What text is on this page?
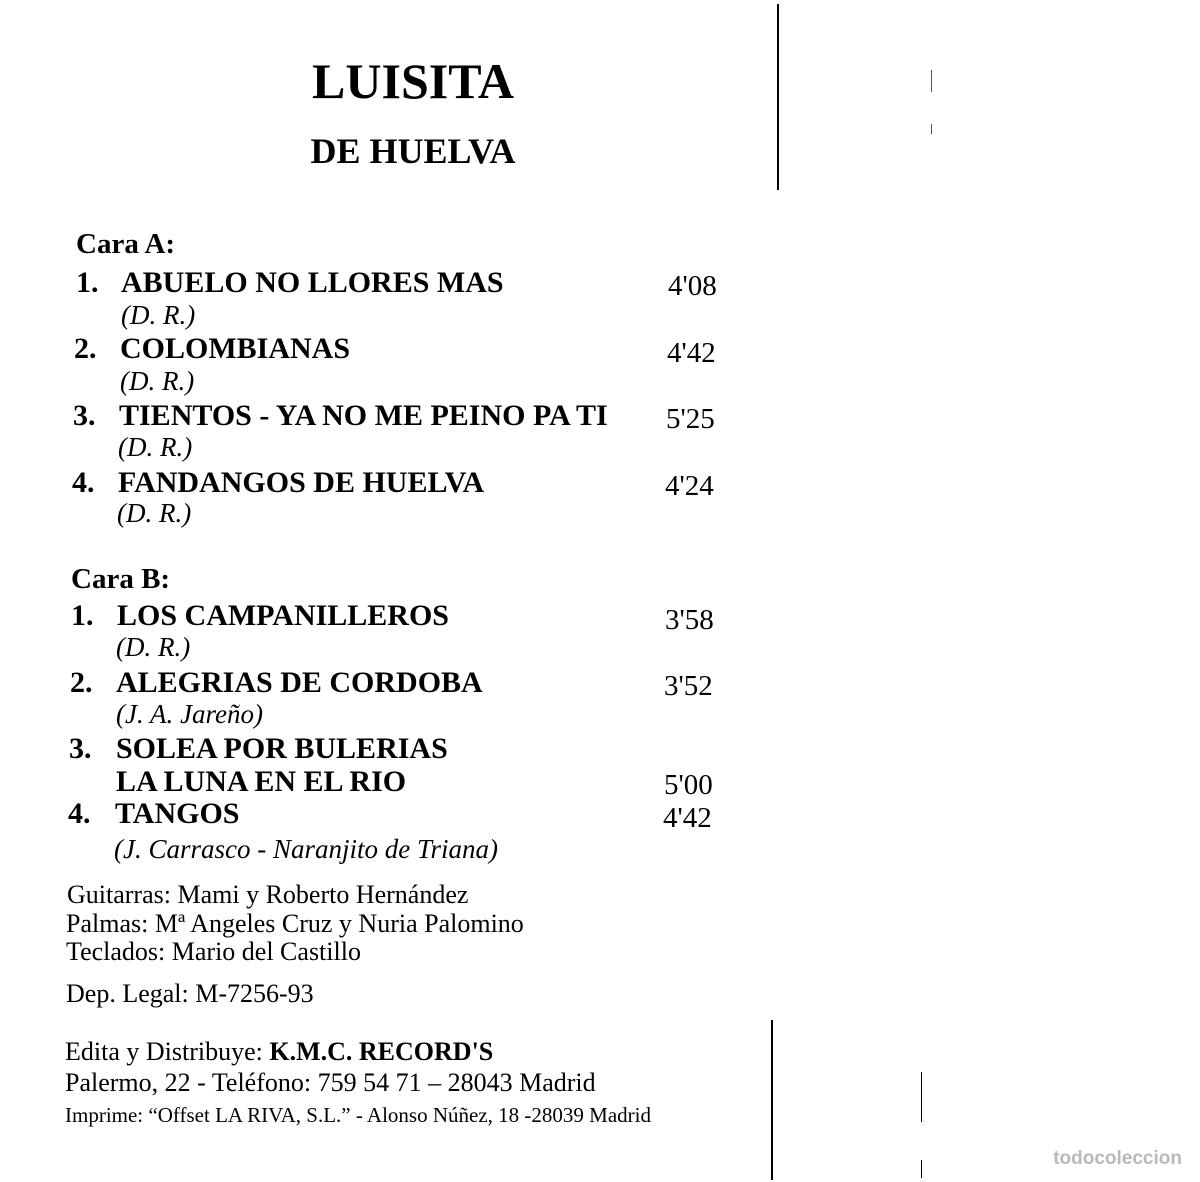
LUISITA
DE HUELVA
Cara A:
1. ABUELO NO LLORES MAS	4'08
(D. R.)
2. COLOMBIANAS	4'42
(D. R.)
3. TIENTOS - YA NO ME PEINO PA TI 5'25
(D. R.)
4. FANDANGOS DE HUELVA	4'24
(D. R.)
Cara B:
1. LOS CAMPANILLEROS	3'58
(D. R.)
2. ALEGRIAS DE CORDOBA	3'52
(J. A. Jareño)
3. SOLEA POR BULERIAS
LA LUNA EN EL RIO	5'00
4. TANGOS	4'42
(J. Carrasco - Naranjito de Triana)
Guitarras: Mami y Roberto Hernández
Palmas: Mª Angeles Cruz y Nuria Palomino
Teclados: Mario del Castillo
Dep. Legal: M-7256-93
Edita y Distribuye: K.M.C. RECORD'S
Palermo, 22 - Teléfono: 759 54 71 – 28043 Madrid
Imprime: “Offset LA RIVA, S.L.” - Alonso Núñez, 18 -28039 Madrid
todocoleccion
